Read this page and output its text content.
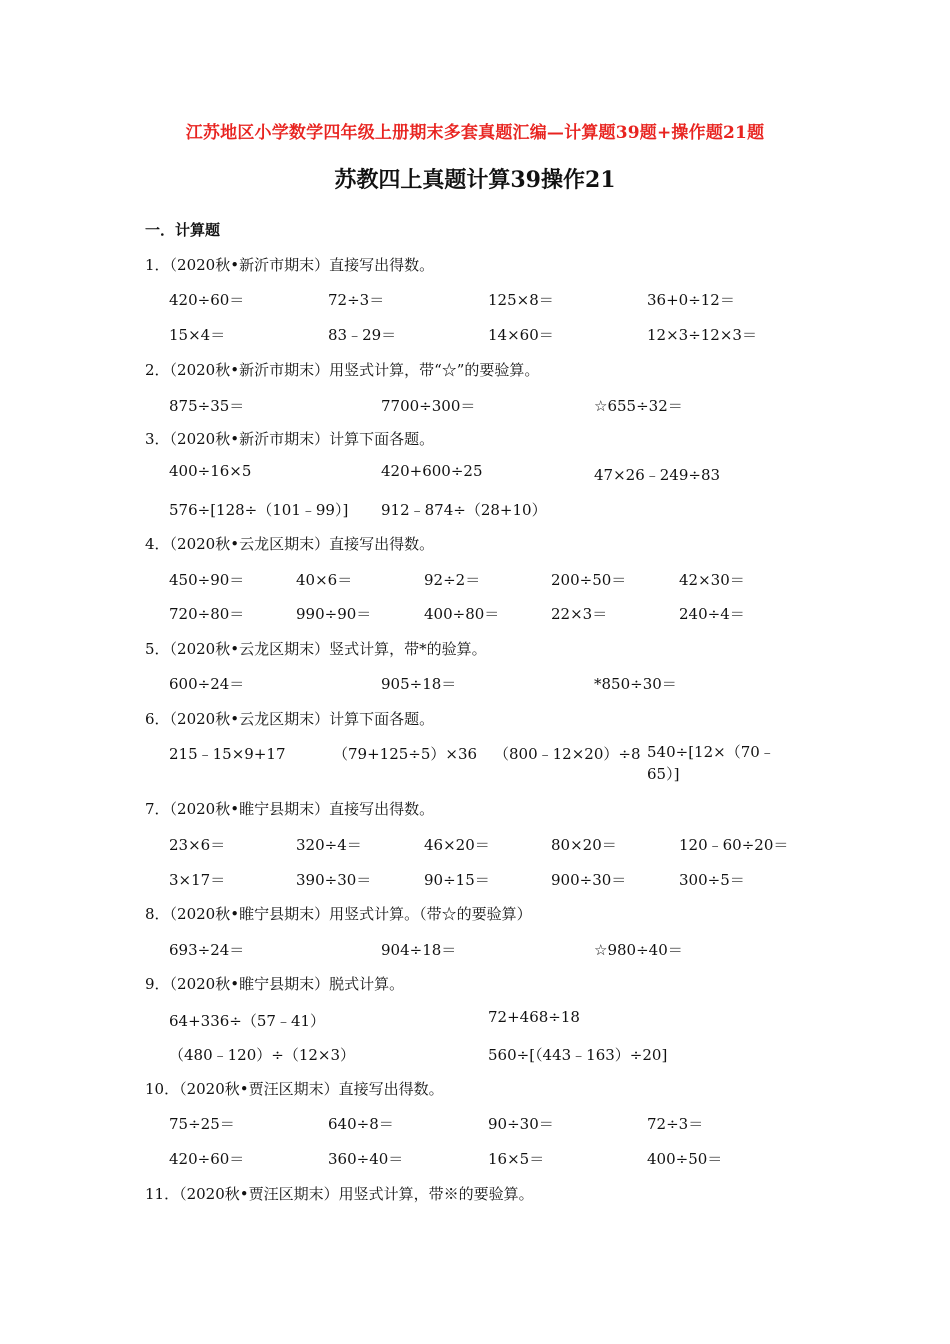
江苏地区小学数学四年级上册期末多套真题汇编—计算题39题+操作题21题
苏教四上真题计算39操作21
一．计算题
1．（2020秋•新沂市期末）直接写出得数。
420÷60＝	72÷3＝	125×8＝	36+0÷12＝
15×4＝	83﹣29＝	14×60＝	12×3÷12×3＝
2．（2020秋•新沂市期末）用竖式计算，带“☆”的要验算。
875÷35＝	7700÷300＝	☆655÷32＝
3．（2020秋•新沂市期末）计算下面各题。
400÷16×5	420+600÷25	47×26﹣249÷83
576÷[128÷（101﹣99）] 912﹣874÷（28+10）
4．（2020秋•云龙区期末）直接写出得数。
450÷90＝	40×6＝	92÷2＝	200÷50＝	42×30＝
720÷80＝	990÷90＝	400÷80＝	22×3＝	240÷4＝
5．（2020秋•云龙区期末）竖式计算，带*的验算。
600÷24＝	905÷18＝	*850÷30＝
6．（2020秋•云龙区期末）计算下面各题。
215﹣15×9+17	（79+125÷5）×36 （800﹣12×20）÷8 540÷[12×（70﹣65）]
7．（2020秋•睢宁县期末）直接写出得数。
23×6＝	320÷4＝	46×20＝	80×20＝	120﹣60÷20＝
3×17＝	390÷30＝	90÷15＝	900÷30＝	300÷5＝
8．（2020秋•睢宁县期末）用竖式计算。（带☆的要验算）
693÷24＝	904÷18＝	☆980÷40＝
9．（2020秋•睢宁县期末）脱式计算。
64+336÷（57﹣41）	72+468÷18
（480﹣120）÷（12×3）	560÷[（443﹣163）÷20]
10．（2020秋•贾汪区期末）直接写出得数。
75÷25＝	640÷8＝	90÷30＝	72÷3＝
420÷60＝	360÷40＝	16×5＝	400÷50＝
11．（2020秋•贾汪区期末）用竖式计算，带※的要验算。
